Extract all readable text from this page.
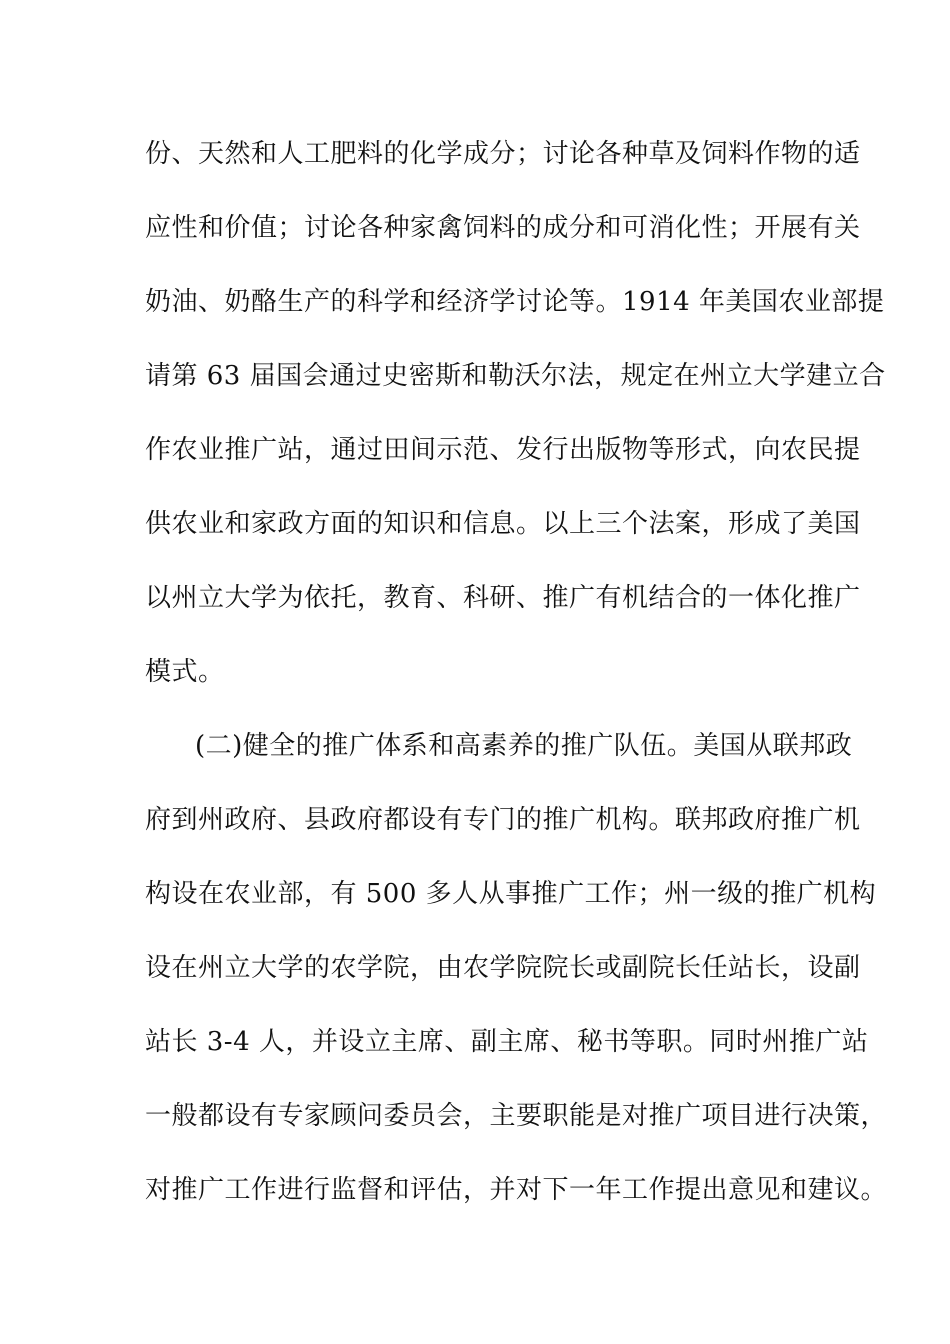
份、天然和人工肥料的化学成分；讨论各种草及饲料作物的适
应性和价值；讨论各种家禽饲料的成分和可消化性；开展有关
奶油、奶酪生产的科学和经济学讨论等。1914 年美国农业部提
请第 63 届国会通过史密斯和勒沃尔法，规定在州立大学建立合
作农业推广站，通过田间示范、发行出版物等形式，向农民提
供农业和家政方面的知识和信息。以上三个法案，形成了美国
以州立大学为依托，教育、科研、推广有机结合的一体化推广
模式。
(二)健全的推广体系和高素养的推广队伍。美国从联邦政
府到州政府、县政府都设有专门的推广机构。联邦政府推广机
构设在农业部，有 500 多人从事推广工作；州一级的推广机构
设在州立大学的农学院，由农学院院长或副院长任站长，设副
站长 3-4 人，并设立主席、副主席、秘书等职。同时州推广站
一般都设有专家顾问委员会，主要职能是对推广项目进行决策，
对推广工作进行监督和评估，并对下一年工作提出意见和建议。
